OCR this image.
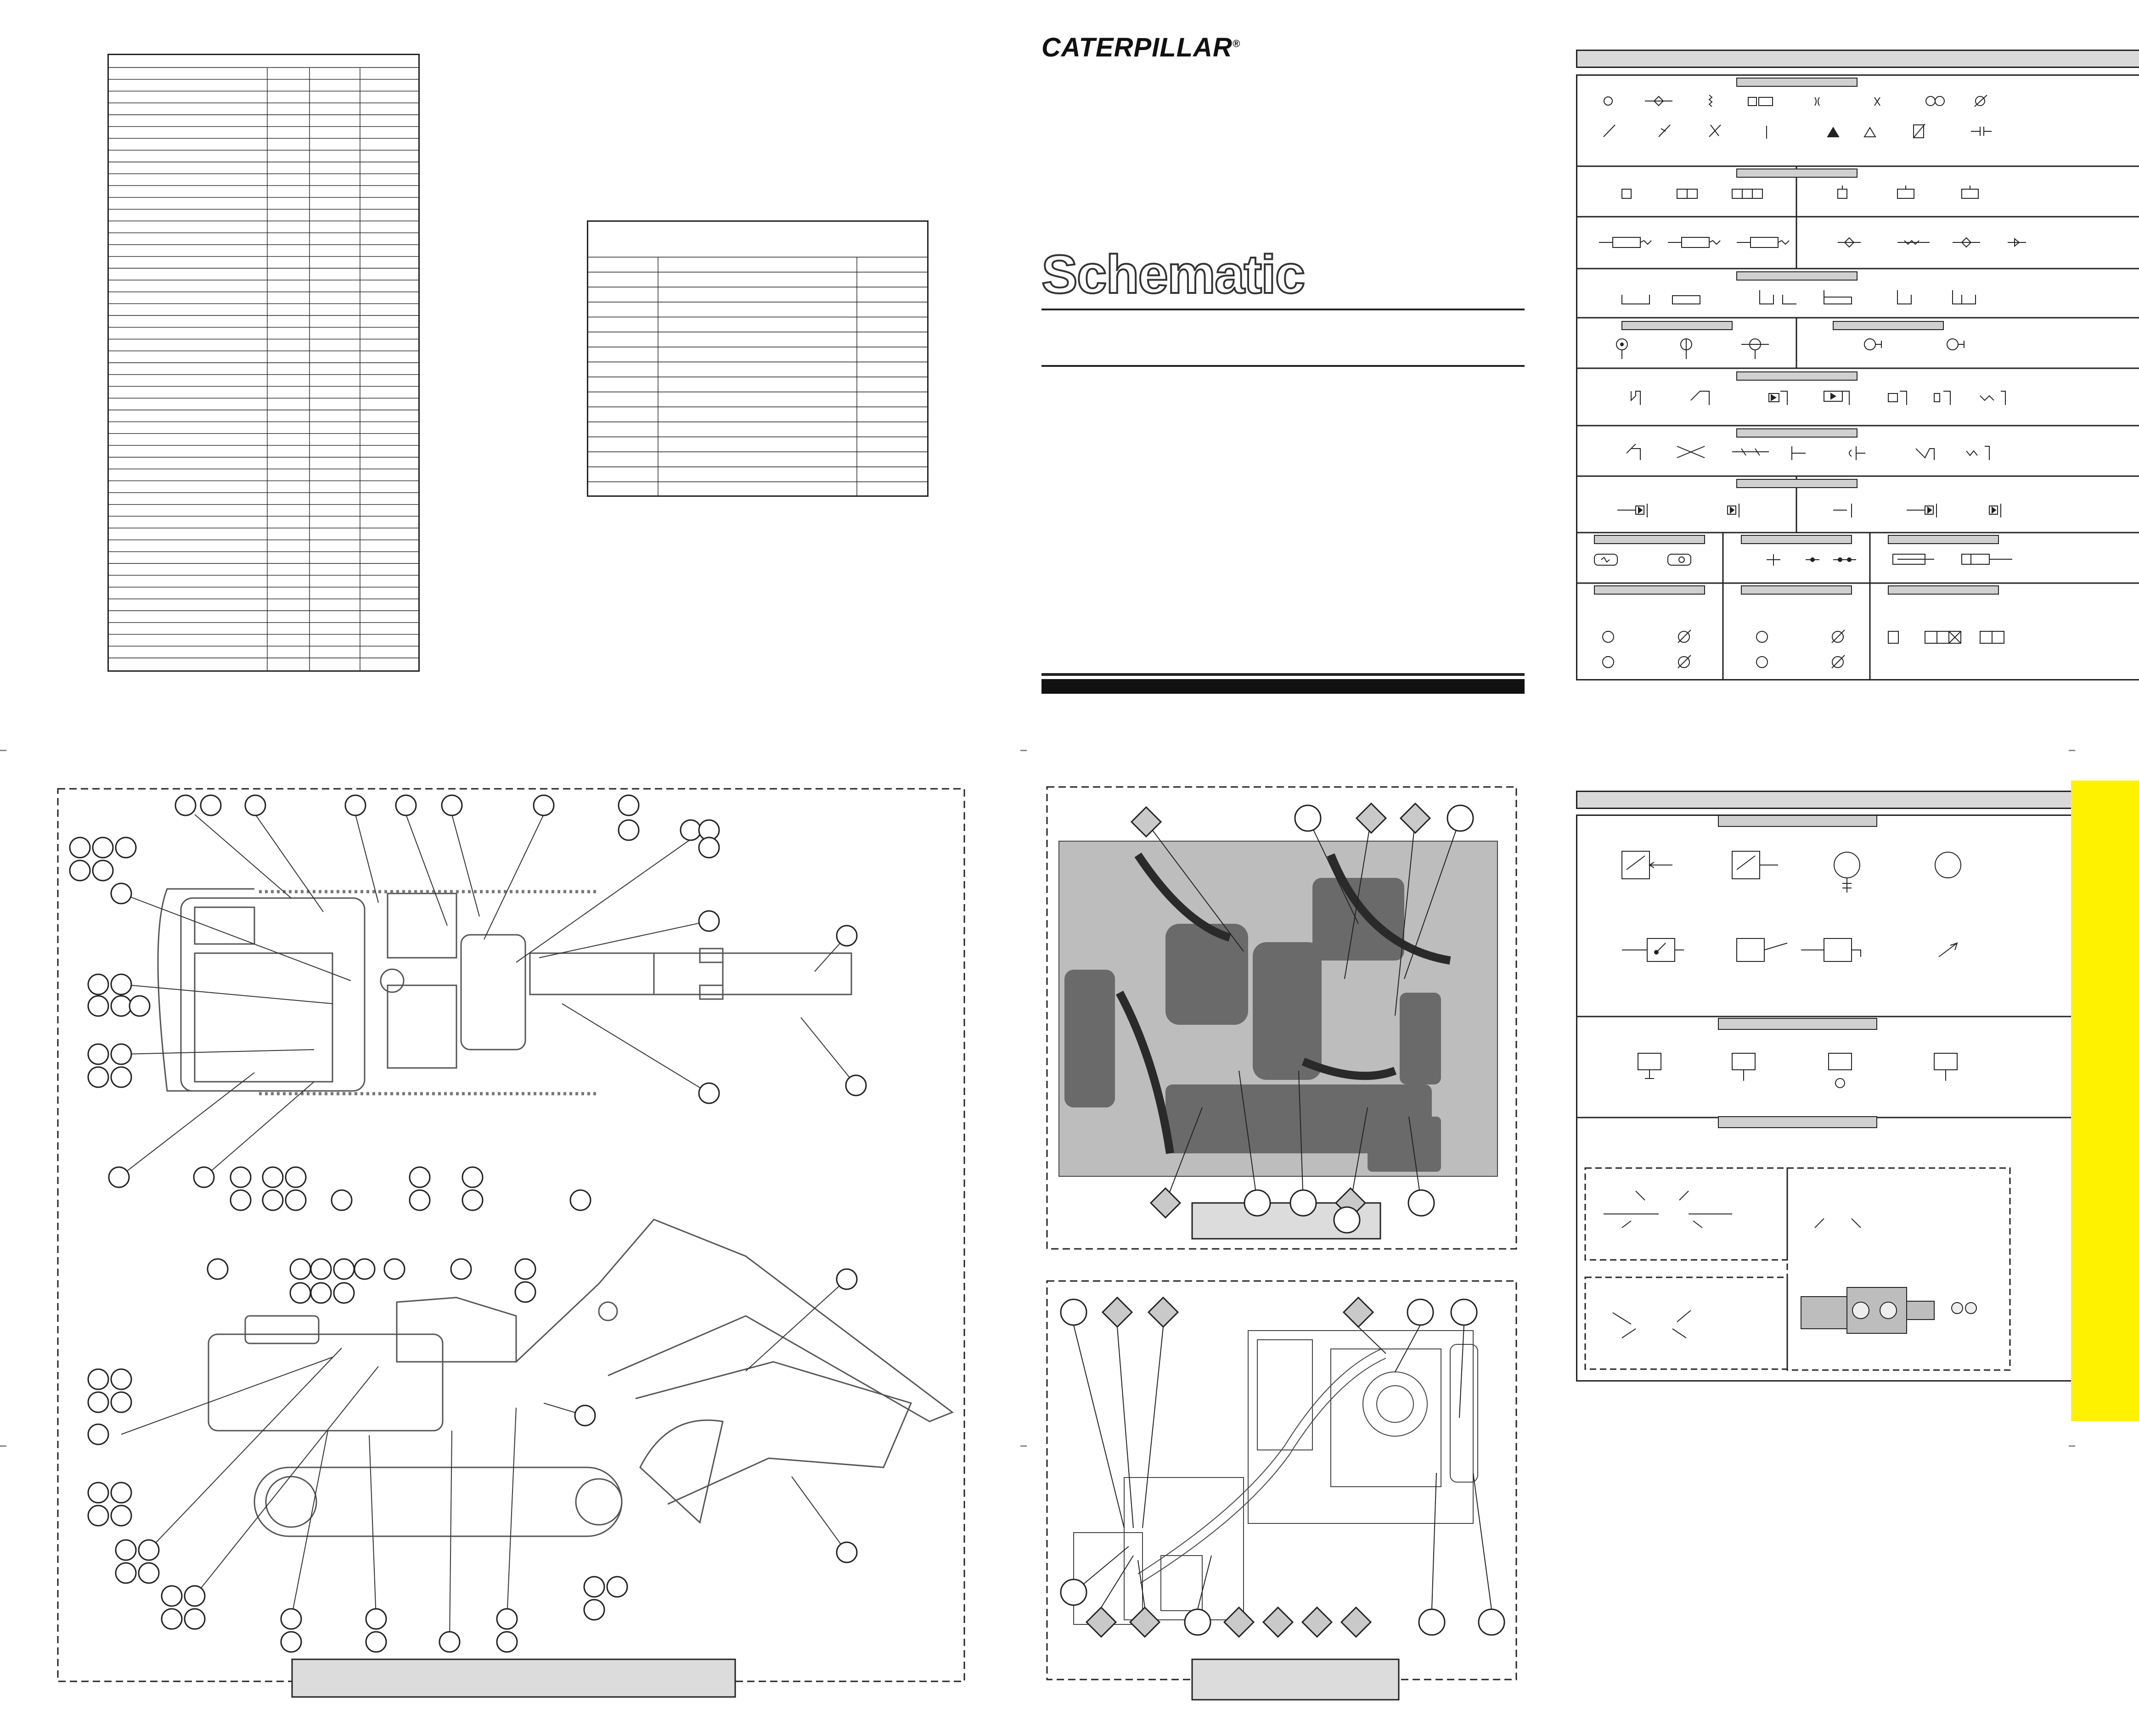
CATERPILLAR®
Schematic
